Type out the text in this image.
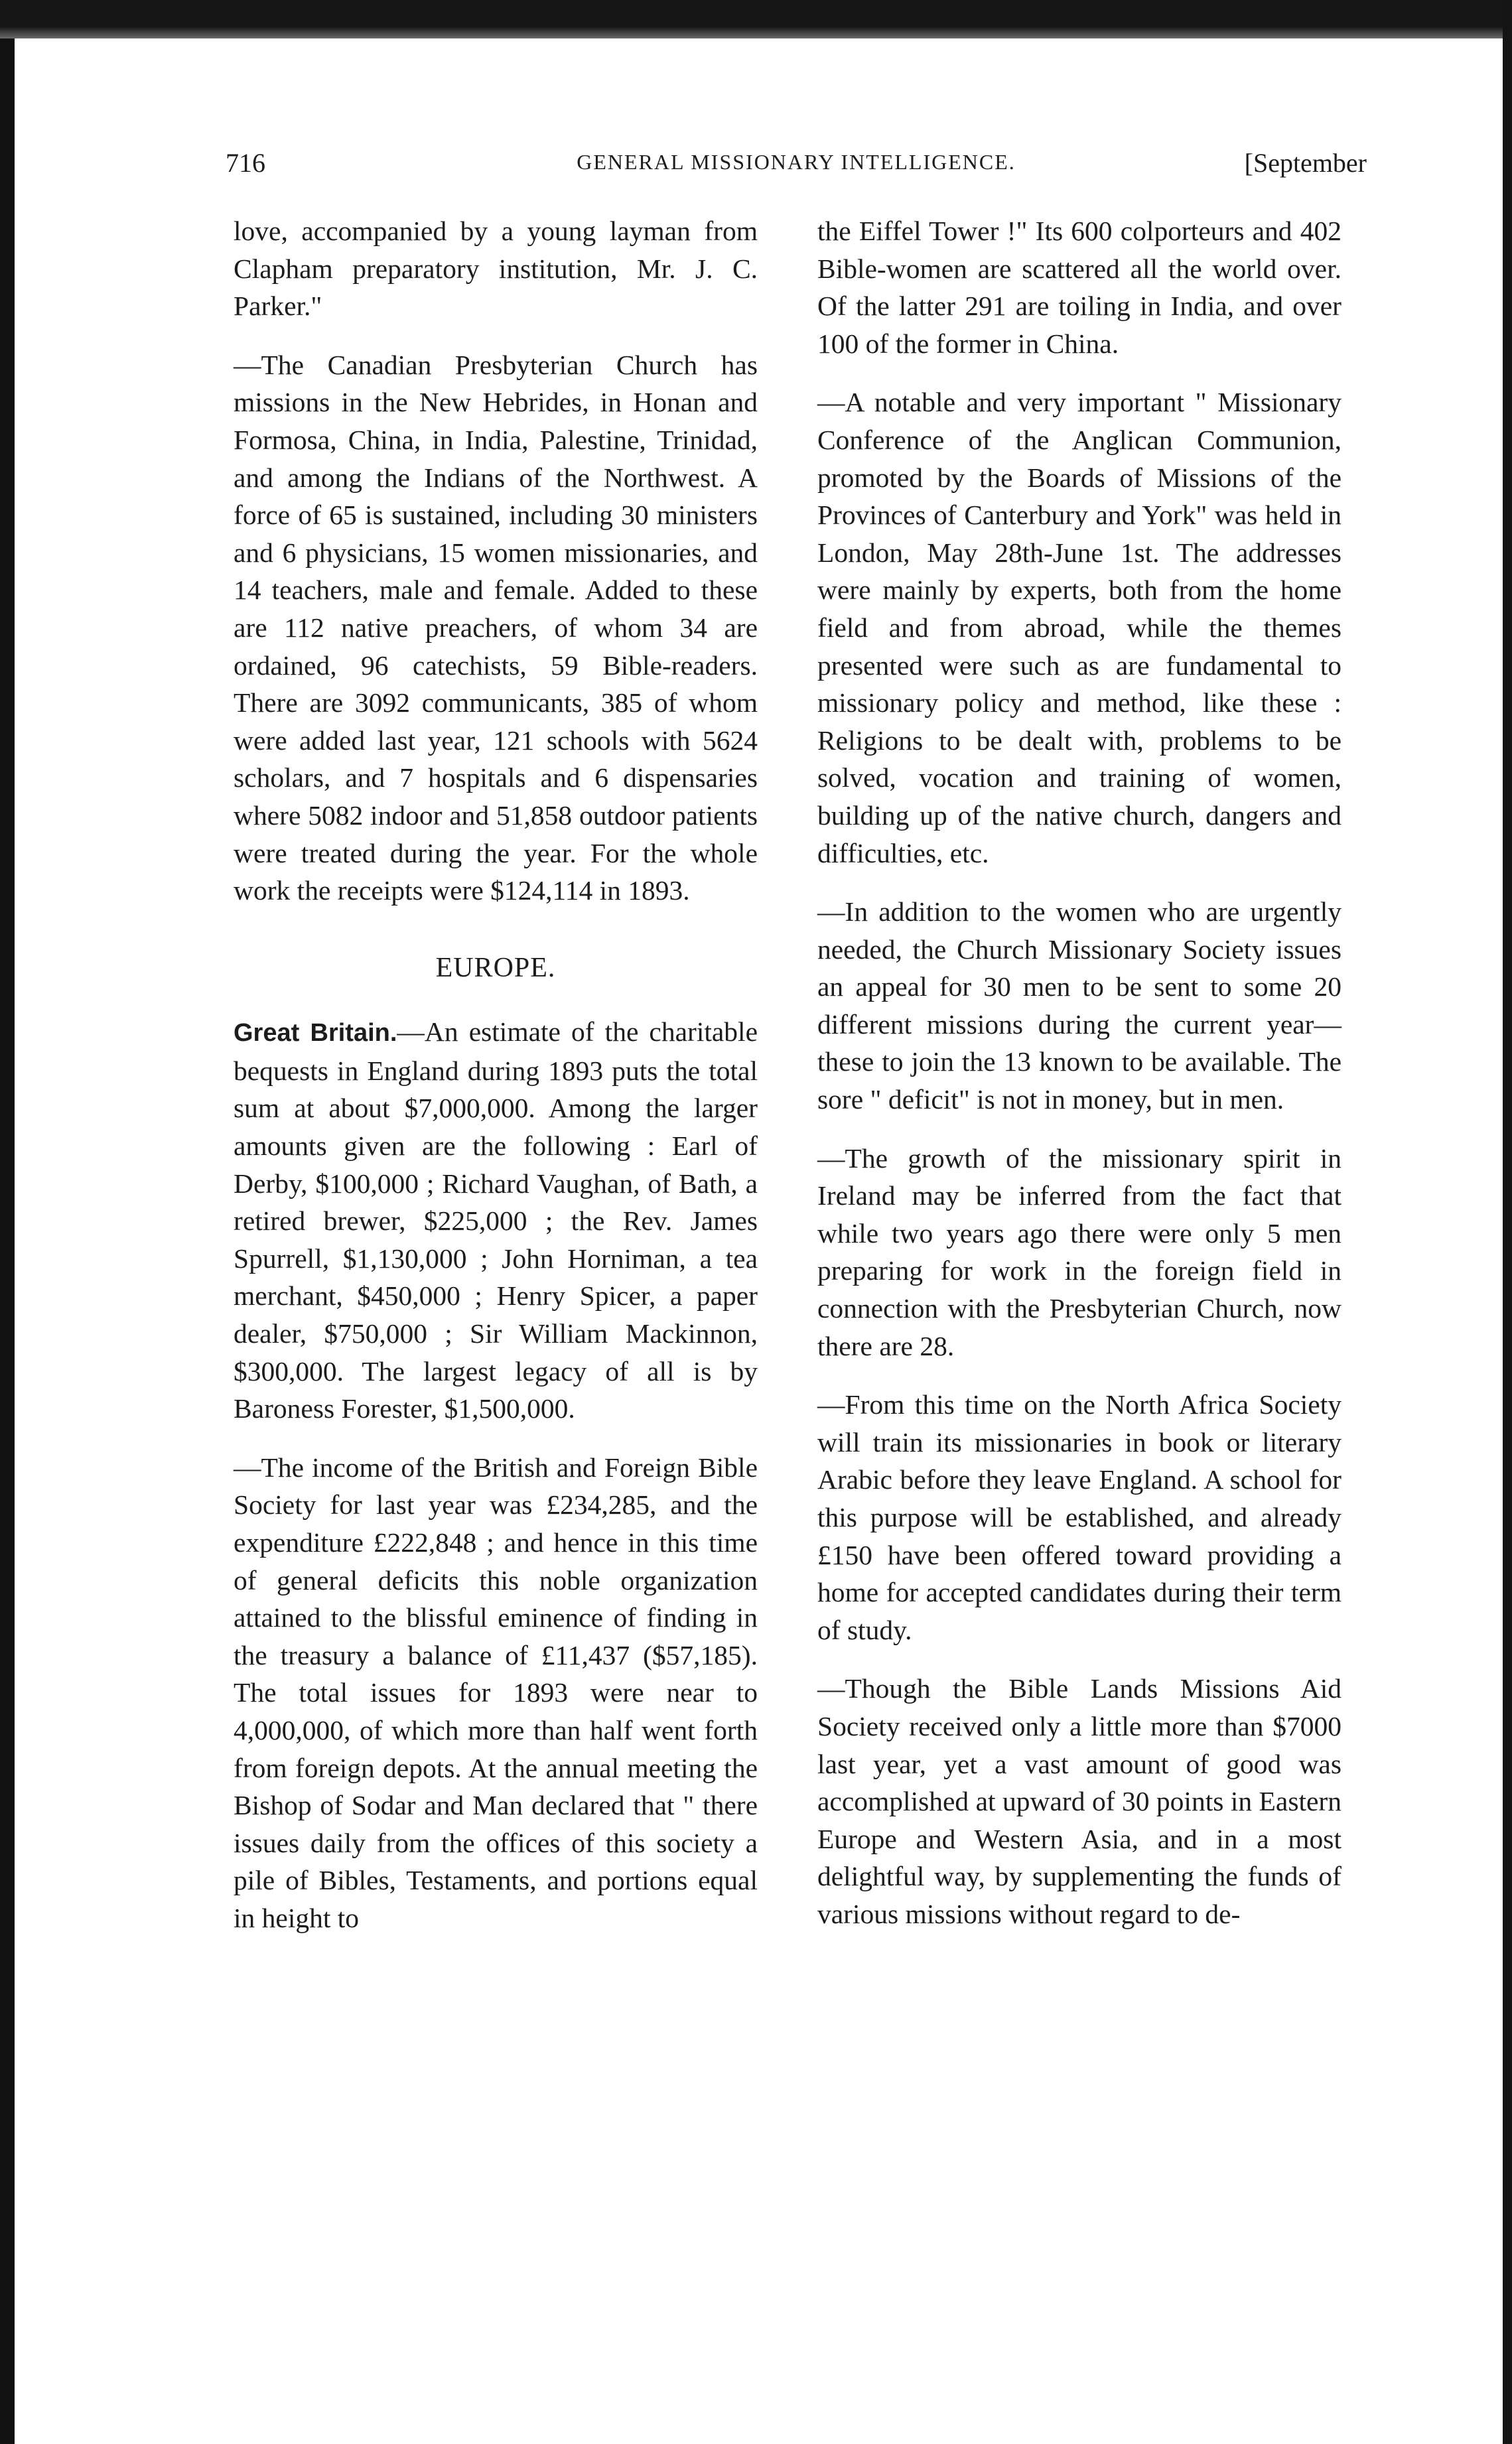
716	GENERAL MISSIONARY INTELLIGENCE.	[September

love, accompanied by a young layman from Clapham preparatory institution, Mr. J. C. Parker."

—The Canadian Presbyterian Church has missions in the New Hebrides, in Honan and Formosa, China, in India, Palestine, Trinidad, and among the Indians of the Northwest. A force of 65 is sustained, including 30 ministers and 6 physicians, 15 women missionaries, and 14 teachers, male and female. Added to these are 112 native preachers, of whom 34 are ordained, 96 catechists, 59 Bible-readers. There are 3092 communicants, 385 of whom were added last year, 121 schools with 5624 scholars, and 7 hospitals and 6 dispensaries where 5082 indoor and 51,858 outdoor patients were treated during the year. For the whole work the receipts were $124,114 in 1893.

EUROPE.

Great Britain.—An estimate of the charitable bequests in England during 1893 puts the total sum at about $7,000,000. Among the larger amounts given are the following : Earl of Derby, $100,000 ; Richard Vaughan, of Bath, a retired brewer, $225,000 ; the Rev. James Spurrell, $1,130,000 ; John Horniman, a tea merchant, $450,000 ; Henry Spicer, a paper dealer, $750,000 ; Sir William Mackinnon, $300,000. The largest legacy of all is by Baroness Forester, $1,500,000.

—The income of the British and Foreign Bible Society for last year was £234,285, and the expenditure £222,848 ; and hence in this time of general deficits this noble organization attained to the blissful eminence of finding in the treasury a balance of £11,437 ($57,185). The total issues for 1893 were near to 4,000,000, of which more than half went forth from foreign depots. At the annual meeting the Bishop of Sodar and Man declared that " there issues daily from the offices of this society a pile of Bibles, Testaments, and portions equal in height to

the Eiffel Tower !" Its 600 colporteurs and 402 Bible-women are scattered all the world over. Of the latter 291 are toiling in India, and over 100 of the former in China.

—A notable and very important " Missionary Conference of the Anglican Communion, promoted by the Boards of Missions of the Provinces of Canterbury and York" was held in London, May 28th-June 1st. The addresses were mainly by experts, both from the home field and from abroad, while the themes presented were such as are fundamental to missionary policy and method, like these : Religions to be dealt with, problems to be solved, vocation and training of women, building up of the native church, dangers and difficulties, etc.

—In addition to the women who are urgently needed, the Church Missionary Society issues an appeal for 30 men to be sent to some 20 different missions during the current year—these to join the 13 known to be available. The sore " deficit" is not in money, but in men.

—The growth of the missionary spirit in Ireland may be inferred from the fact that while two years ago there were only 5 men preparing for work in the foreign field in connection with the Presbyterian Church, now there are 28.

—From this time on the North Africa Society will train its missionaries in book or literary Arabic before they leave England. A school for this purpose will be established, and already £150 have been offered toward providing a home for accepted candidates during their term of study.

—Though the Bible Lands Missions Aid Society received only a little more than $7000 last year, yet a vast amount of good was accomplished at upward of 30 points in Eastern Europe and Western Asia, and in a most delightful way, by supplementing the funds of various missions without regard to de-
